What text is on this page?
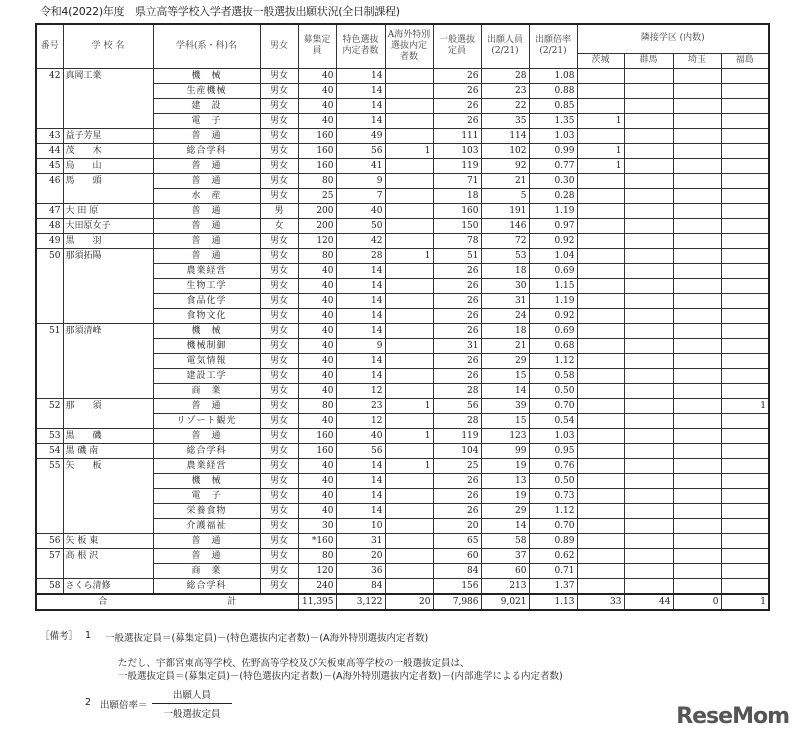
令和4(2022)年度　県立高等学校入学者選抜一般選抜出願状況(全日制課程)
番号	学 校 名	学科(系・科)名	男女	募集定員	特色選抜内定者数	A海外特別選抜内定者数	一般選抜定員	出願人員 (2/21)	出願倍率 (2/21)	隣接学区 (内数)			
										茨城	群馬	埼玉	福島
42	真岡工業	機　械	男女	40	14		26	28	1.08				
		生産機械	男女	40	14		26	23	0.88				
		建　設	男女	40	14		26	22	0.85				
		電　子	男女	40	14		26	35	1.35	1			
43	益子芳星	普　通	男女	160	49		111	114	1.03				
44	茂　　木	総合学科	男女	160	56	1	103	102	0.99	1			
45	烏　　山	普　通	男女	160	41		119	92	0.77	1			
46	馬　　頭	普　通	男女	80	9		71	21	0.30				
		水　産	男女	25	7		18	5	0.28				
47	大 田 原	普　通	男	200	40		160	191	1.19				
48	大田原女子	普　通	女	200	50		150	146	0.97				
49	黒　　羽	普　通	男女	120	42		78	72	0.92				
50	那須拓陽	普　通	男女	80	28	1	51	53	1.04				
		農業経営	男女	40	14		26	18	0.69				
		生物工学	男女	40	14		26	30	1.15				
		食品化学	男女	40	14		26	31	1.19				
		食物文化	男女	40	14		26	24	0.92				
51	那須清峰	機　械	男女	40	14		26	18	0.69				
		機械制御	男女	40	9		31	21	0.68				
		電気情報	男女	40	14		26	29	1.12				
		建設工学	男女	40	14		26	15	0.58				
		商　業	男女	40	12		28	14	0.50				
52	那　　須	普　通	男女	80	23	1	56	39	0.70				1
		リゾート観光	男女	40	12		28	15	0.54				
53	黒　　磯	普　通	男女	160	40	1	119	123	1.03				
54	黒 磯 南	総合学科	男女	160	56		104	99	0.95				
55	矢　　板	農業経営	男女	40	14	1	25	19	0.76				
		機　械	男女	40	14		26	13	0.50				
		電　子	男女	40	14		26	19	0.73				
		栄養食物	男女	40	14		26	29	1.12				
		介護福祉	男女	30	10		20	14	0.70				
56	矢 板 東	普　通	男女	*160	31		65	58	0.89				
57	高 根 沢	普　通	男女	80	20		60	37	0.62				
		商　業	男女	120	36		84	60	0.71				
58	さくら清修	総合学科	男女	240	84		156	213	1.37				
合 計				11,395	3,122	20	7,986	9,021	1.13	33	44	0	1
［備考］ 1 一般選抜定員＝(募集定員)－(特色選抜内定者数)－(A海外特別選抜内定者数)
ただし、宇都宮東高等学校、佐野高等学校及び矢板東高等学校の一般選抜定員は、
一般選抜定員＝(募集定員)－(特色選抜内定者数)－(A海外特別選抜内定者数)－(内部進学による内定者数)
2 出願倍率＝
出願人員
一般選抜定員	ReseMom
